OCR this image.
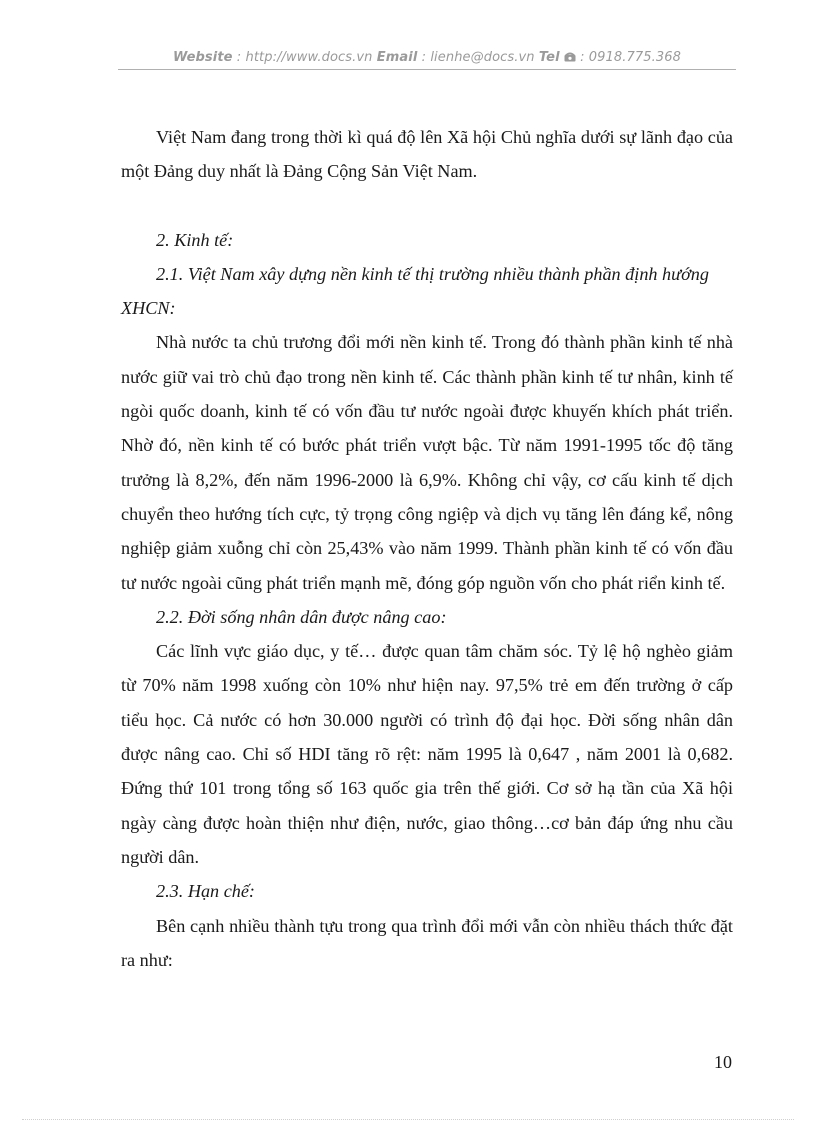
Website : http://www.docs.vn Email : lienhe@docs.vn Tel  : 0918.775.368

Việt Nam đang trong thời kì quá độ lên Xã hội Chủ nghĩa dưới sự lãnh đạo của một Đảng duy nhất là Đảng Cộng Sản Việt Nam.

2. Kinh tế:

2.1. Việt Nam xây dựng nền kinh tế thị trường nhiều thành phần định hướng XHCN:

Nhà nước ta chủ trương đổi mới nền kinh tế. Trong đó thành phần kinh tế nhà nước giữ vai trò chủ đạo trong nền kinh tế. Các thành phần kinh tế tư nhân, kinh tế ngòi quốc doanh, kinh tế có vốn đầu tư nước ngoài được khuyến khích phát triển. Nhờ đó, nền kinh tế có bước phát triển vượt bậc. Từ năm 1991-1995 tốc độ tăng trưởng là 8,2%, đến năm 1996-2000 là 6,9%. Không chỉ vậy, cơ cấu kinh tế dịch chuyển theo hướng tích cực, tỷ trọng công ngiệp và dịch vụ tăng lên đáng kể, nông nghiệp giảm xuỗng chỉ còn 25,43% vào năm 1999. Thành phần kinh tế có vốn đầu tư nước ngoài cũng phát triển mạnh mẽ, đóng góp nguồn vốn cho phát riển kinh tế.

2.2. Đời sống nhân dân được nâng cao:

Các lĩnh vực giáo dục, y tế… được quan tâm chăm sóc. Tỷ lệ hộ nghèo giảm từ 70% năm 1998 xuống còn 10% như hiện nay. 97,5% trẻ em đến trường ở cấp tiểu học. Cả nước có hơn 30.000 người có trình độ đại học. Đời sống nhân dân được nâng cao. Chỉ số HDI tăng rõ rệt: năm 1995 là 0,647 , năm 2001 là 0,682. Đứng thứ 101 trong tổng số 163 quốc gia trên thế giới. Cơ sở hạ tần của Xã hội ngày càng được hoàn thiện như điện, nước, giao thông…cơ bản đáp ứng nhu cầu người dân.

2.3. Hạn chế:

Bên cạnh nhiều thành tựu trong qua trình đổi mới vẫn còn nhiều thách thức đặt ra như:

10
